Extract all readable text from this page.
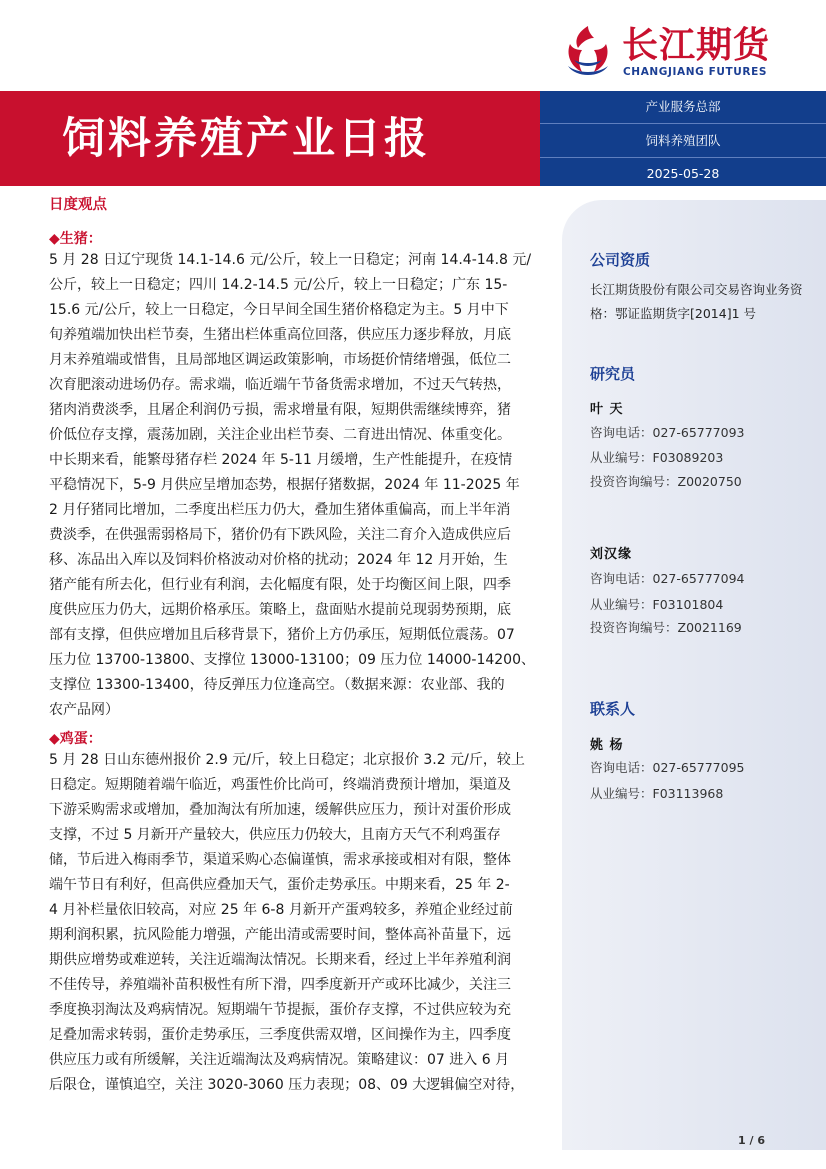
长江期货
CHANGJIANG FUTURES
饲料养殖产业日报
产业服务总部
饲料养殖团队
2025-05-28
日度观点
◆生猪：
5 月 28 日辽宁现货 14.1-14.6 元/公斤，较上一日稳定；河南 14.4-14.8 元/
公斤，较上一日稳定；四川 14.2-14.5 元/公斤，较上一日稳定；广东 15-
15.6 元/公斤，较上一日稳定，今日早间全国生猪价格稳定为主。5 月中下
旬养殖端加快出栏节奏，生猪出栏体重高位回落，供应压力逐步释放，月底
月末养殖端或惜售，且局部地区调运政策影响，市场挺价情绪增强，低位二
次育肥滚动进场仍存。需求端，临近端午节备货需求增加，不过天气转热，
猪肉消费淡季，且屠企利润仍亏损，需求增量有限，短期供需继续博弈，猪
价低位存支撑，震荡加剧，关注企业出栏节奏、二育进出情况、体重变化。
中长期来看，能繁母猪存栏 2024 年 5-11 月缓增，生产性能提升，在疫情
平稳情况下，5-9 月供应呈增加态势，根据仔猪数据，2024 年 11-2025 年
2 月仔猪同比增加，二季度出栏压力仍大，叠加生猪体重偏高，而上半年消
费淡季，在供强需弱格局下，猪价仍有下跌风险，关注二育介入造成供应后
移、冻品出入库以及饲料价格波动对价格的扰动；2024 年 12 月开始，生
猪产能有所去化，但行业有利润，去化幅度有限，处于均衡区间上限，四季
度供应压力仍大，远期价格承压。策略上，盘面贴水提前兑现弱势预期，底
部有支撑，但供应增加且后移背景下，猪价上方仍承压，短期低位震荡。07
压力位 13700-13800、支撑位 13000-13100；09 压力位 14000-14200、
支撑位 13300-13400，待反弹压力位逢高空。（数据来源：农业部、我的
农产品网）
◆鸡蛋：
5 月 28 日山东德州报价 2.9 元/斤，较上日稳定；北京报价 3.2 元/斤，较上
日稳定。短期随着端午临近，鸡蛋性价比尚可，终端消费预计增加，渠道及
下游采购需求或增加，叠加淘汰有所加速，缓解供应压力，预计对蛋价形成
支撑，不过 5 月新开产量较大，供应压力仍较大，且南方天气不利鸡蛋存
储，节后进入梅雨季节，渠道采购心态偏谨慎，需求承接或相对有限，整体
端午节日有利好，但高供应叠加天气，蛋价走势承压。中期来看，25 年 2-
4 月补栏量依旧较高，对应 25 年 6-8 月新开产蛋鸡较多，养殖企业经过前
期利润积累，抗风险能力增强，产能出清或需要时间，整体高补苗量下，远
期供应增势或难逆转，关注近端淘汰情况。长期来看，经过上半年养殖利润
不佳传导，养殖端补苗积极性有所下滑，四季度新开产或环比减少，关注三
季度换羽淘汰及鸡病情况。短期端午节提振，蛋价存支撑，不过供应较为充
足叠加需求转弱，蛋价走势承压，三季度供需双增，区间操作为主，四季度
供应压力或有所缓解，关注近端淘汰及鸡病情况。策略建议：07 进入 6 月
后限仓，谨慎追空，关注 3020-3060 压力表现；08、09 大逻辑偏空对待，
公司资质

长江期货股份有限公司交易咨询业务资格：鄂证监期货字[2014]1 号

研究员
叶 天
咨询电话：027-65777093
从业编号：F03089203
投资咨询编号：Z0020750
刘汉缘
咨询电话：027-65777094
从业编号：F03101804
投资咨询编号：Z0021169
联系人
姚 杨
咨询电话：027-65777095
从业编号：F03113968
1 / 6
